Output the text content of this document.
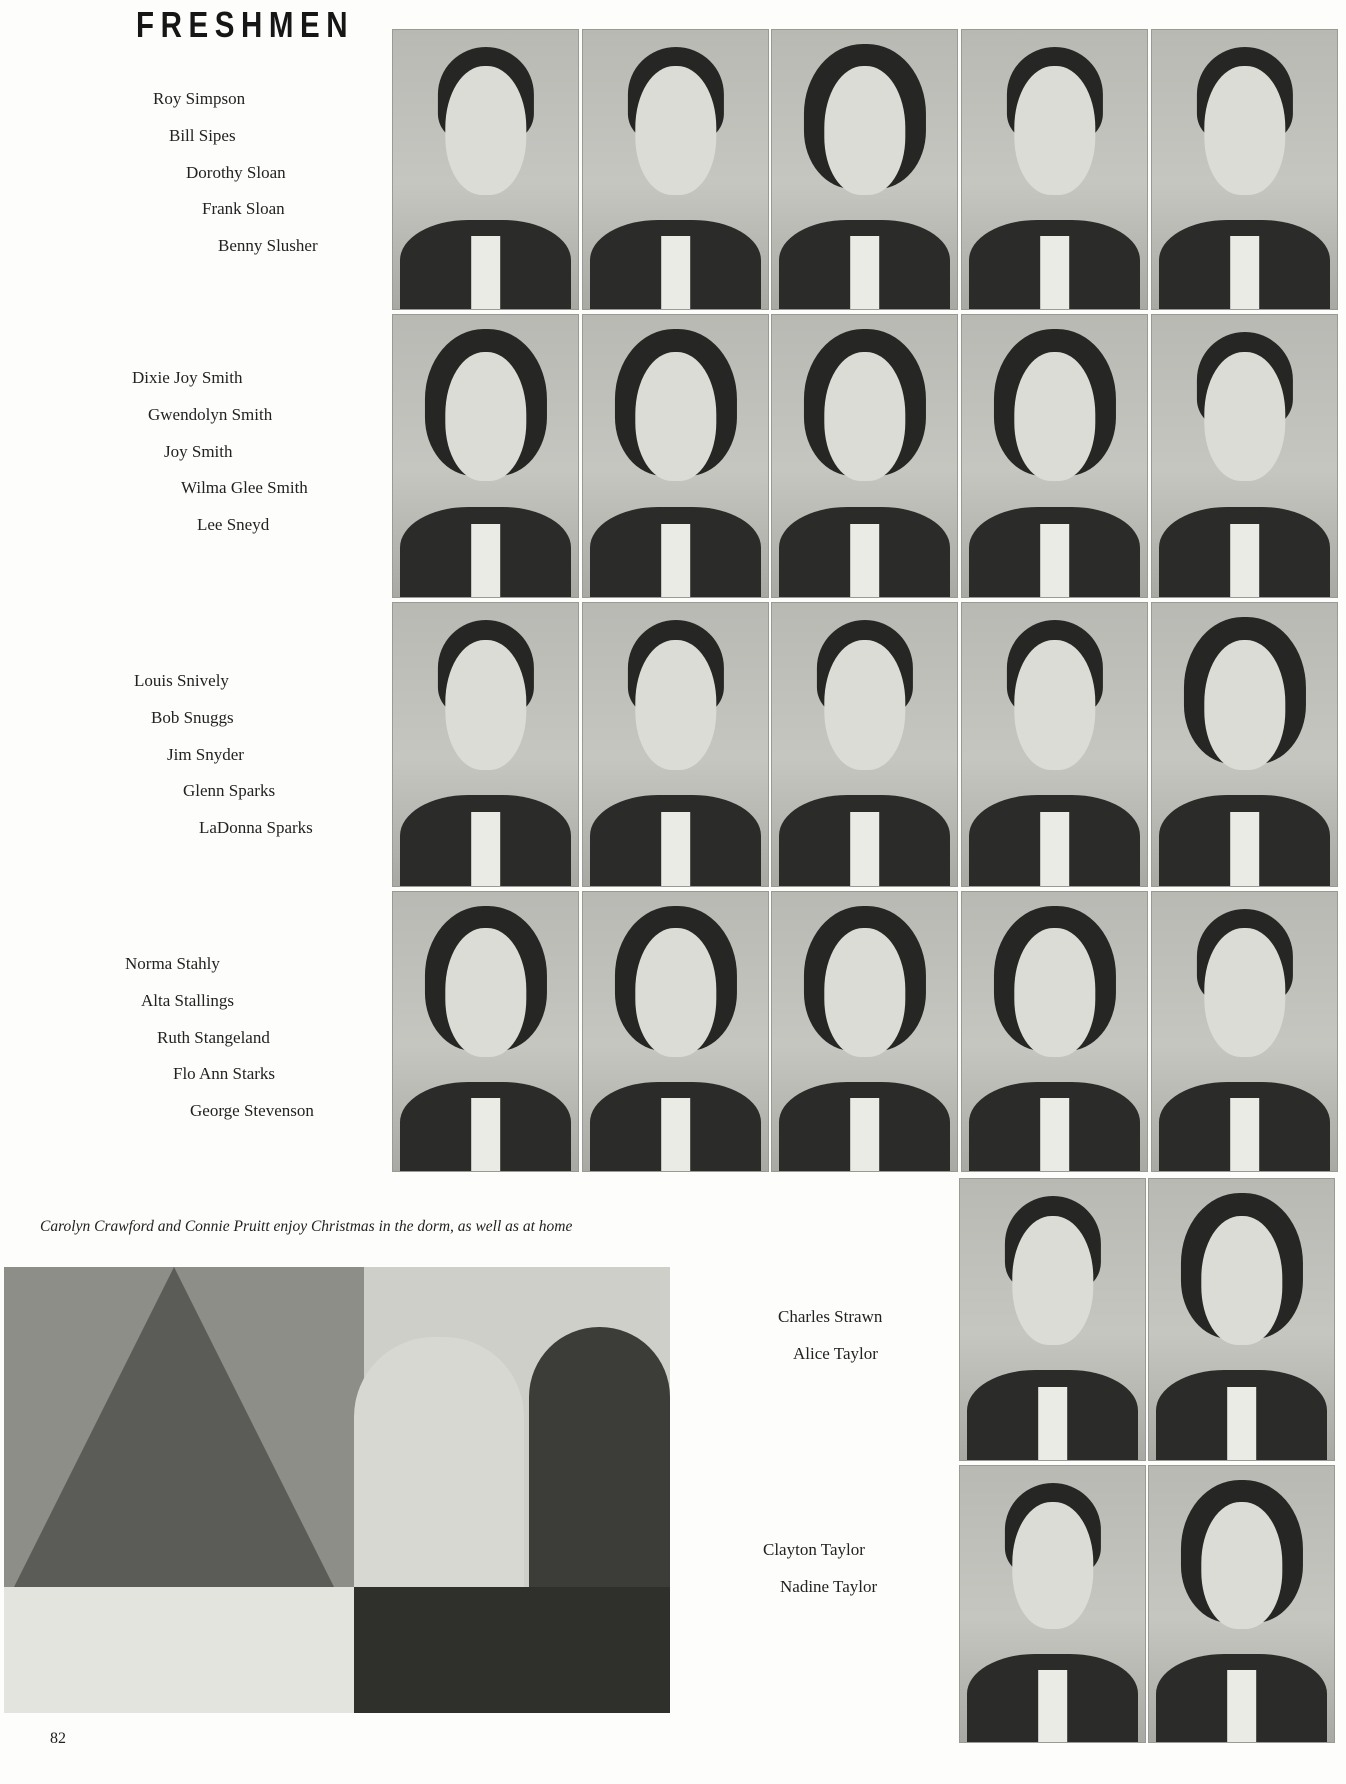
FRESHMEN
Roy Simpson
Bill Sipes
Dorothy Sloan
Frank Sloan
Benny Slusher
Dixie Joy Smith
Gwendolyn Smith
Joy Smith
Wilma Glee Smith
Lee Sneyd
Louis Snively
Bob Snuggs
Jim Snyder
Glenn Sparks
LaDonna Sparks
Norma Stahly
Alta Stallings
Ruth Stangeland
Flo Ann Starks
George Stevenson
Charles Strawn
Alice Taylor
Clayton Taylor
Nadine Taylor
Carolyn Crawford and Connie Pruitt enjoy Christmas in the dorm, as well as at home
82
